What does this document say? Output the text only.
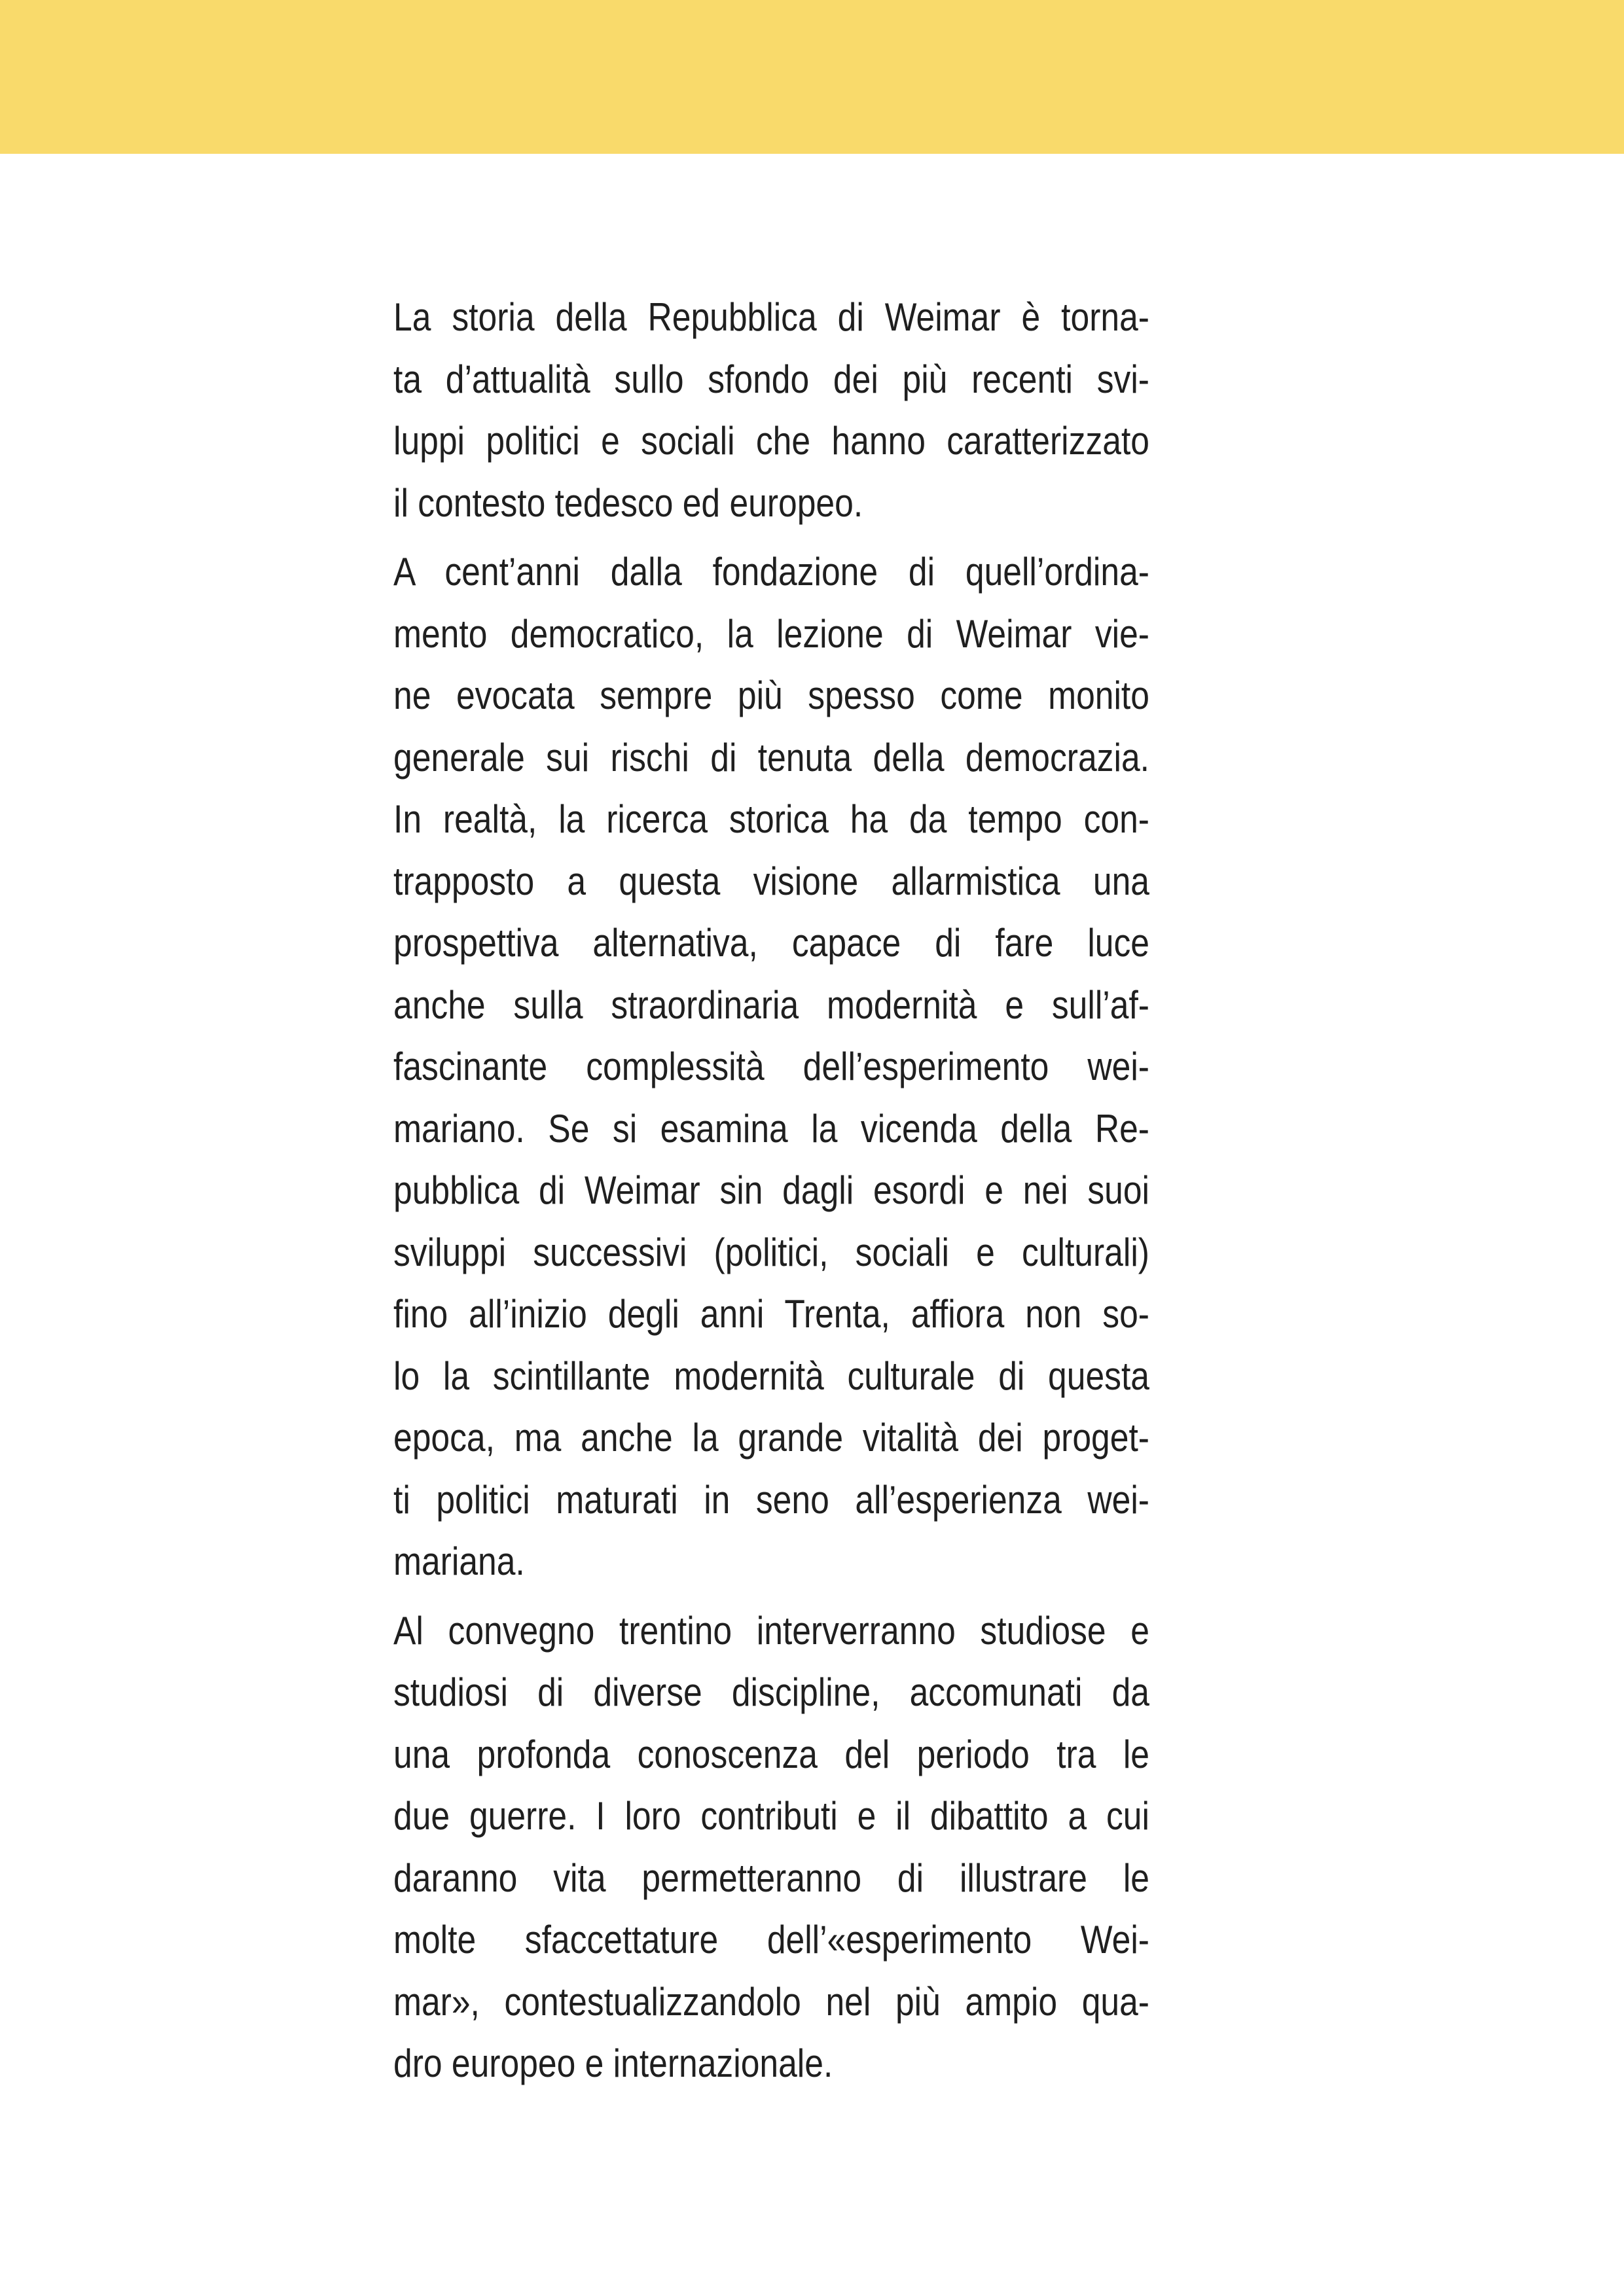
La storia della Repubblica di Weimar è torna-
ta d’attualità sullo sfondo dei più recenti svi-
luppi politici e sociali che hanno caratterizzato
il contesto tedesco ed europeo.
A cent’anni dalla fondazione di quell’ordina-
mento democratico, la lezione di Weimar vie-
ne evocata sempre più spesso come monito
generale sui rischi di tenuta della democrazia.
In realtà, la ricerca storica ha da tempo con-
trapposto a questa visione allarmistica una
prospettiva alternativa, capace di fare luce
anche sulla straordinaria modernità e sull’af-
fascinante complessità dell’esperimento wei-
mariano. Se si esamina la vicenda della Re-
pubblica di Weimar sin dagli esordi e nei suoi
sviluppi successivi (politici, sociali e culturali)
fino all’inizio degli anni Trenta, affiora non so-
lo la scintillante modernità culturale di questa
epoca, ma anche la grande vitalità dei proget-
ti politici maturati in seno all’esperienza wei-
mariana.
Al convegno trentino interverranno studiose e
studiosi di diverse discipline, accomunati da
una profonda conoscenza del periodo tra le
due guerre. I loro contributi e il dibattito a cui
daranno vita permetteranno di illustrare le
molte sfaccettature dell’«esperimento Wei-
mar», contestualizzandolo nel più ampio qua-
dro europeo e internazionale.
